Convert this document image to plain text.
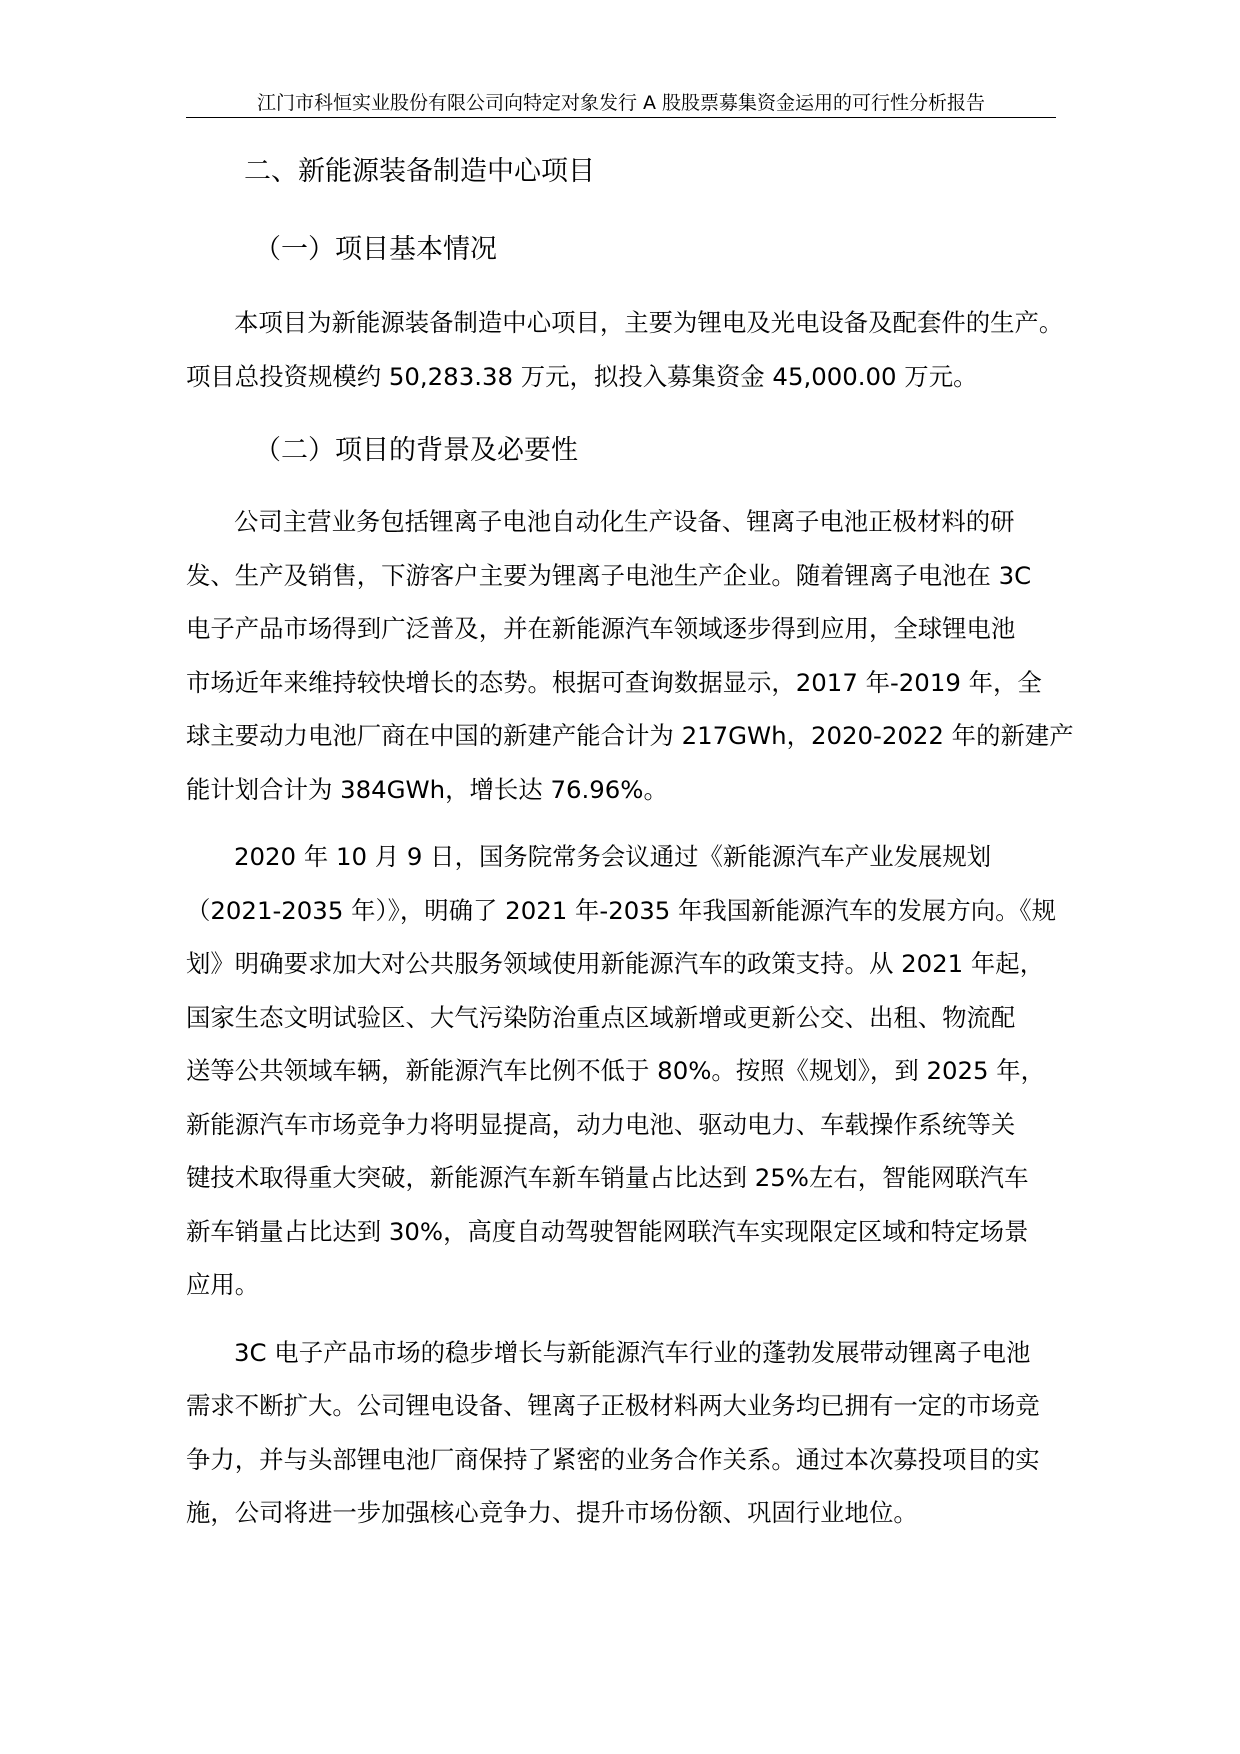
江门市科恒实业股份有限公司向特定对象发行 A 股股票募集资金运用的可行性分析报告
二、新能源装备制造中心项目
（一）项目基本情况

本项目为新能源装备制造中心项目，主要为锂电及光电设备及配套件的生产。
项目总投资规模约 50,283.38 万元，拟投入募集资金 45,000.00 万元。

（二）项目的背景及必要性

公司主营业务包括锂离子电池自动化生产设备、锂离子电池正极材料的研
发、生产及销售，下游客户主要为锂离子电池生产企业。随着锂离子电池在 3C
电子产品市场得到广泛普及，并在新能源汽车领域逐步得到应用，全球锂电池
市场近年来维持较快增长的态势。根据可查询数据显示，2017 年-2019 年，全
球主要动力电池厂商在中国的新建产能合计为 217GWh，2020-2022 年的新建产
能计划合计为 384GWh，增长达 76.96%。

2020 年 10 月 9 日，国务院常务会议通过《新能源汽车产业发展规划
（2021-2035 年）》，明确了 2021 年-2035 年我国新能源汽车的发展方向。《规
划》明确要求加大对公共服务领域使用新能源汽车的政策支持。从 2021 年起，
国家生态文明试验区、大气污染防治重点区域新增或更新公交、出租、物流配
送等公共领域车辆，新能源汽车比例不低于 80%。按照《规划》，到 2025 年，
新能源汽车市场竞争力将明显提高，动力电池、驱动电力、车载操作系统等关
键技术取得重大突破，新能源汽车新车销量占比达到 25%左右，智能网联汽车
新车销量占比达到 30%，高度自动驾驶智能网联汽车实现限定区域和特定场景
应用。

3C 电子产品市场的稳步增长与新能源汽车行业的蓬勃发展带动锂离子电池
需求不断扩大。公司锂电设备、锂离子正极材料两大业务均已拥有一定的市场竞
争力，并与头部锂电池厂商保持了紧密的业务合作关系。通过本次募投项目的实
施，公司将进一步加强核心竞争力、提升市场份额、巩固行业地位。
